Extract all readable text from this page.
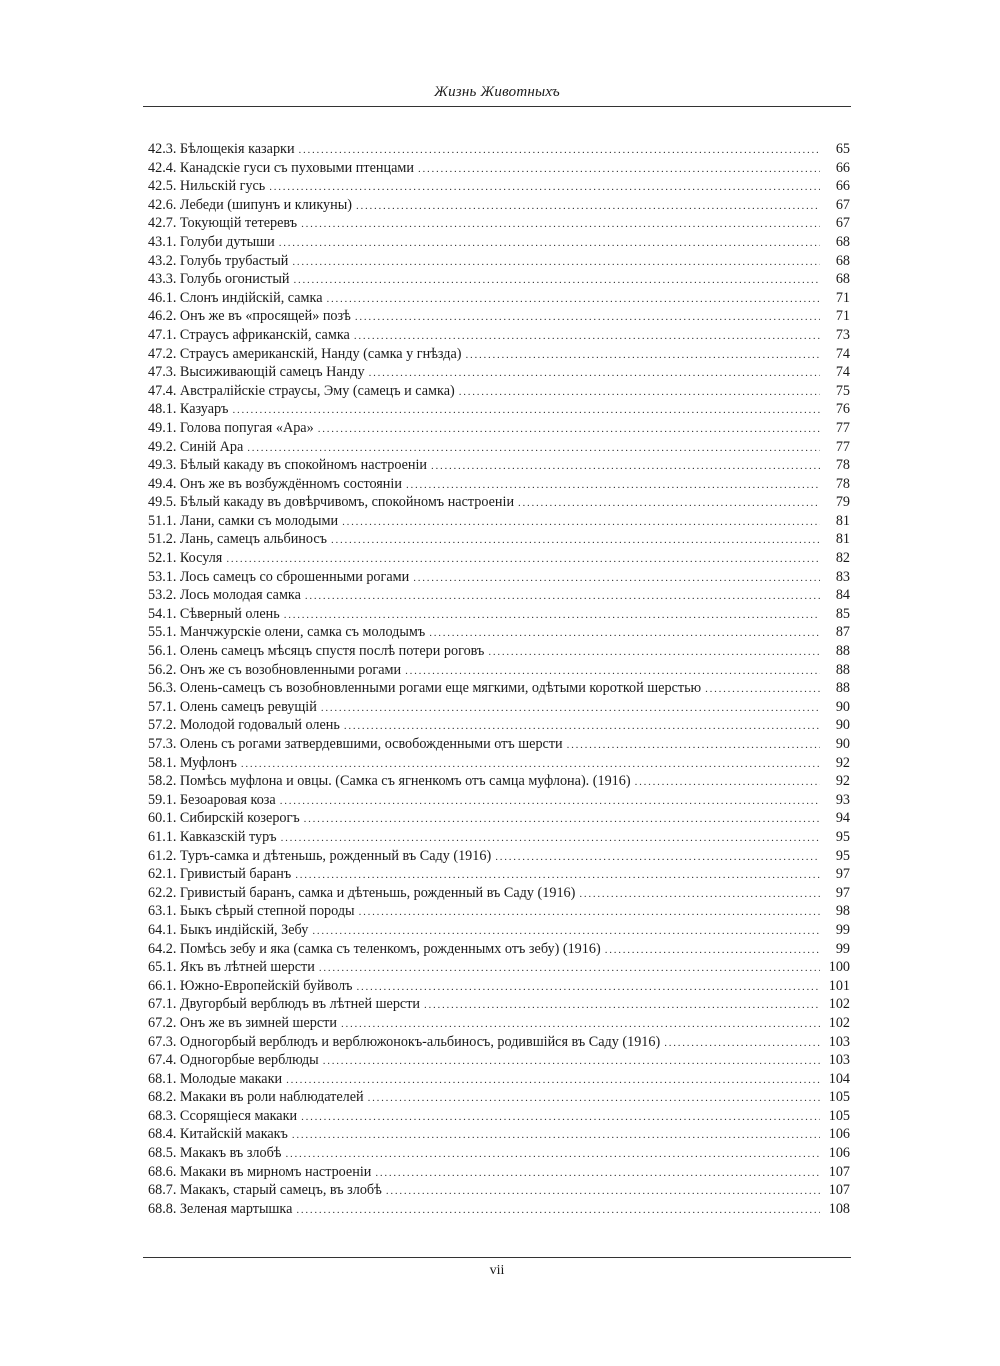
Жизнь Животныхъ
42.3. Бѣлощекія казарки . . .	65
42.4. Канадскіе гуси съ пуховыми птенцами . . .	66
42.5. Нильскій гусь . . .	66
42.6. Лебеди (шипунъ и кликуны) . . .	67
42.7. Токующій тетеревъ . . .	67
43.1. Голуби дутыши . . .	68
43.2. Голубь трубастый . . .	68
43.3. Голубь огонистый . . .	68
46.1. Слонъ индійскій, самка . . .	71
46.2. Онъ же въ «просящей» позѣ . . .	71
47.1. Страусъ африканскій, самка . . .	73
47.2. Страусъ американскій, Нанду (самка у гнѣзда) . . .	74
47.3. Высиживающій самецъ Нанду . . .	74
47.4. Австралійскіе страусы, Эму (самецъ и самка) . . .	75
48.1. Казуаръ . . .	76
49.1. Голова попугая «Ара» . . .	77
49.2. Синій Ара . . .	77
49.3. Бѣлый какаду въ спокойномъ настроеніи . . .	78
49.4. Онъ же въ возбуждённомъ состояніи . . .	78
49.5. Бѣлый какаду въ довѣрчивомъ, спокойномъ настроеніи . . .	79
51.1. Лани, самки съ молодыми . . .	81
51.2. Лань, самецъ альбиносъ . . .	81
52.1. Косуля . . .	82
53.1. Лось самецъ со сброшенными рогами . . .	83
53.2. Лось молодая самка . . .	84
54.1. Сѣверный олень . . .	85
55.1. Манчжурскіе олени, самка съ молодымъ . . .	87
56.1. Олень самецъ мѣсяцъ спустя послѣ потери роговъ . . .	88
56.2. Онъ же съ возобновленными рогами . . .	88
56.3. Олень-самецъ съ возобновленными рогами еще мягкими, одѣтыми короткой шерстью . . .	88
57.1. Олень самецъ ревущій . . .	90
57.2. Молодой годовалый олень . . .	90
57.3. Олень съ рогами затвердевшими, освобожденными отъ шерсти . . .	90
58.1. Муфлонъ . . .	92
58.2. Помѣсь муфлона и овцы. (Самка съ ягненкомъ отъ самца муфлона). (1916) . . .	92
59.1. Безоаровая коза . . .	93
60.1. Сибирскій козерогъ . . .	94
61.1. Кавказскій туръ . . .	95
61.2. Туръ-самка и дѣтеньшь, рожденный въ Саду (1916) . . .	95
62.1. Гривистый баранъ . . .	97
62.2. Гривистый баранъ, самка и дѣтеньшь, рожденный въ Саду (1916) . . .	97
63.1. Быкъ сѣрый степной породы . . .	98
64.1. Быкъ индійскій, Зебу . . .	99
64.2. Помѣсь зебу и яка (самка съ теленкомъ, рожденнымх отъ зебу) (1916) . . .	99
65.1. Якъ въ лѣтней шерсти . . .	100
66.1. Южно-Европейскій буйволъ . . .	101
67.1. Двугорбый верблюдъ въ лѣтней шерсти . . .	102
67.2. Онъ же въ зимней шерсти . . .	102
67.3. Одногорбый верблюдъ и верблюжонокъ-альбиносъ, родившійся въ Саду (1916) . . .	103
67.4. Одногорбые верблюды . . .	103
68.1. Молодые макаки . . .	104
68.2. Макаки въ роли наблюдателей . . .	105
68.3. Ссорящіеся макаки . . .	105
68.4. Китайскій макакъ . . .	106
68.5. Макакъ въ злобѣ . . .	106
68.6. Макаки въ мирномъ настроеніи . . .	107
68.7. Макакъ, старый самецъ, въ злобѣ . . .	107
68.8. Зеленая мартышка . . .	108
vii
